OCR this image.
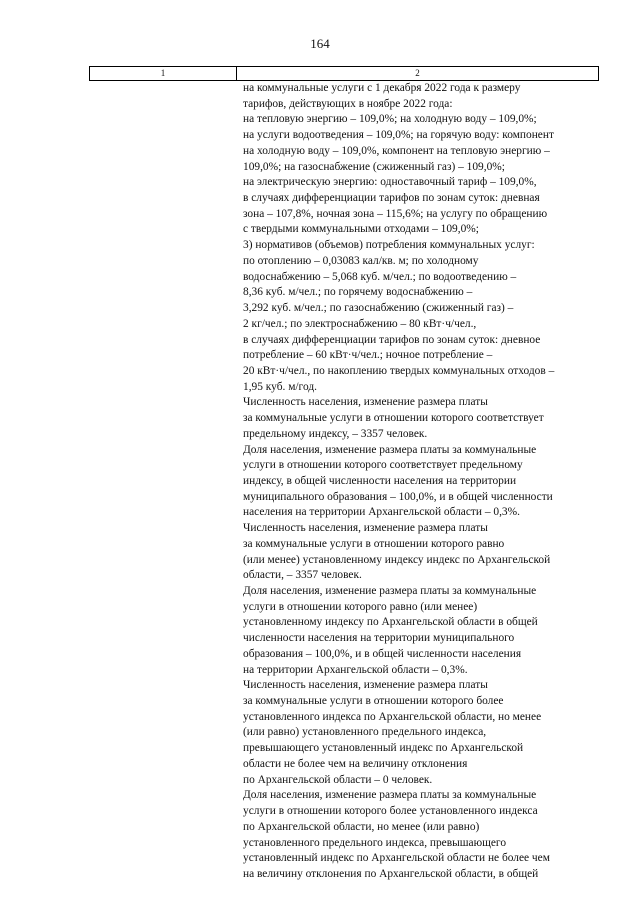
164
1	2
на коммунальные услуги с 1 декабря 2022 года к размеру
тарифов, действующих в ноябре 2022 года:
на тепловую энергию – 109,0%; на холодную воду – 109,0%;
на услуги водоотведения – 109,0%; на горячую воду: компонент
на холодную воду – 109,0%, компонент на тепловую энергию –
109,0%; на газоснабжение (сжиженный газ) – 109,0%;
на электрическую энергию: одноставочный тариф – 109,0%,
в случаях дифференциации тарифов по зонам суток: дневная
зона – 107,8%, ночная зона – 115,6%; на услугу по обращению
с твердыми коммунальными отходами – 109,0%;
3) нормативов (объемов) потребления коммунальных услуг:
по отоплению – 0,03083 кал/кв. м; по холодному
водоснабжению – 5,068 куб. м/чел.; по водоотведению –
8,36 куб. м/чел.; по горячему водоснабжению –
3,292 куб. м/чел.; по газоснабжению (сжиженный газ) –
2 кг/чел.; по электроснабжению – 80 кВт·ч/чел.,
в случаях дифференциации тарифов по зонам суток: дневное
потребление – 60 кВт·ч/чел.; ночное потребление –
20 кВт·ч/чел., по накоплению твердых коммунальных отходов –
1,95 куб. м/год.
Численность населения, изменение размера платы
за коммунальные услуги в отношении которого соответствует
предельному индексу, – 3357 человек.
Доля населения, изменение размера платы за коммунальные
услуги в отношении которого соответствует предельному
индексу, в общей численности населения на территории
муниципального образования – 100,0%, и в общей численности
населения на территории Архангельской области – 0,3%.
Численность населения, изменение размера платы
за коммунальные услуги в отношении которого равно
(или менее) установленному индексу индекс по Архангельской
области, – 3357 человек.
Доля населения, изменение размера платы за коммунальные
услуги в отношении которого равно (или менее)
установленному индексу по Архангельской области в общей
численности населения на территории муниципального
образования – 100,0%, и в общей численности населения
на территории Архангельской области – 0,3%.
Численность населения, изменение размера платы
за коммунальные услуги в отношении которого более
установленного индекса по Архангельской области, но менее
(или равно) установленного предельного индекса,
превышающего установленный индекс по Архангельской
области не более чем на величину отклонения
по Архангельской области – 0 человек.
Доля населения, изменение размера платы за коммунальные
услуги в отношении которого более установленного индекса
по Архангельской области, но менее (или равно)
установленного предельного индекса, превышающего
установленный индекс по Архангельской области не более чем
на величину отклонения по Архангельской области, в общей
